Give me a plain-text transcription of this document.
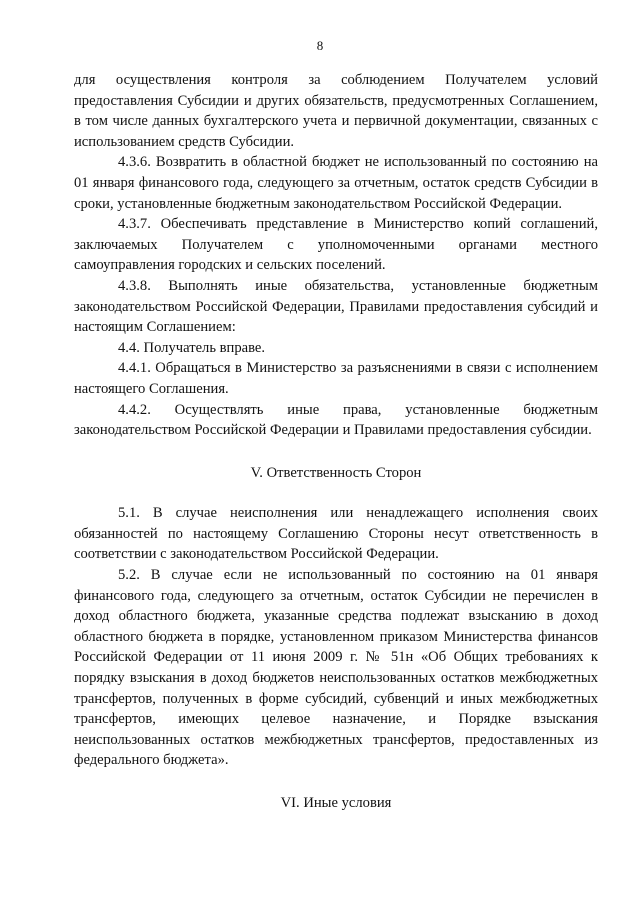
8

для осуществления контроля за соблюдением Получателем условий предоставления Субсидии и других обязательств, предусмотренных Соглашением, в том числе данных бухгалтерского учета и первичной документации, связанных с использованием средств Субсидии.

4.3.6. Возвратить в областной бюджет не использованный по состоянию на 01 января финансового года, следующего за отчетным, остаток средств Субсидии в сроки, установленные бюджетным законодательством Российской Федерации.

4.3.7. Обеспечивать представление в Министерство копий соглашений, заключаемых Получателем с уполномоченными органами местного самоуправления городских и сельских поселений.

4.3.8. Выполнять иные обязательства, установленные бюджетным законодательством Российской Федерации, Правилами предоставления субсидий и настоящим Соглашением:

4.4. Получатель вправе.

4.4.1. Обращаться в Министерство за разъяснениями в связи с исполнением настоящего Соглашения.

4.4.2. Осуществлять иные права, установленные бюджетным законодательством Российской Федерации и Правилами предоставления субсидии.

V. Ответственность Сторон

5.1. В случае неисполнения или ненадлежащего исполнения своих обязанностей по настоящему Соглашению Стороны несут ответственность в соответствии с законодательством Российской Федерации.

5.2. В случае если не использованный по состоянию на 01 января финансового года, следующего за отчетным, остаток Субсидии не перечислен в доход областного бюджета, указанные средства подлежат взысканию в доход областного бюджета в порядке, установленном приказом Министерства финансов Российской Федерации от 11 июня 2009 г. № 51н «Об Общих требованиях к порядку взыскания в доход бюджетов неиспользованных остатков межбюджетных трансфертов, полученных в форме субсидий, субвенций и иных межбюджетных трансфертов, имеющих целевое назначение, и Порядке взыскания неиспользованных остатков межбюджетных трансфертов, предоставленных из федерального бюджета».

VI. Иные условия
